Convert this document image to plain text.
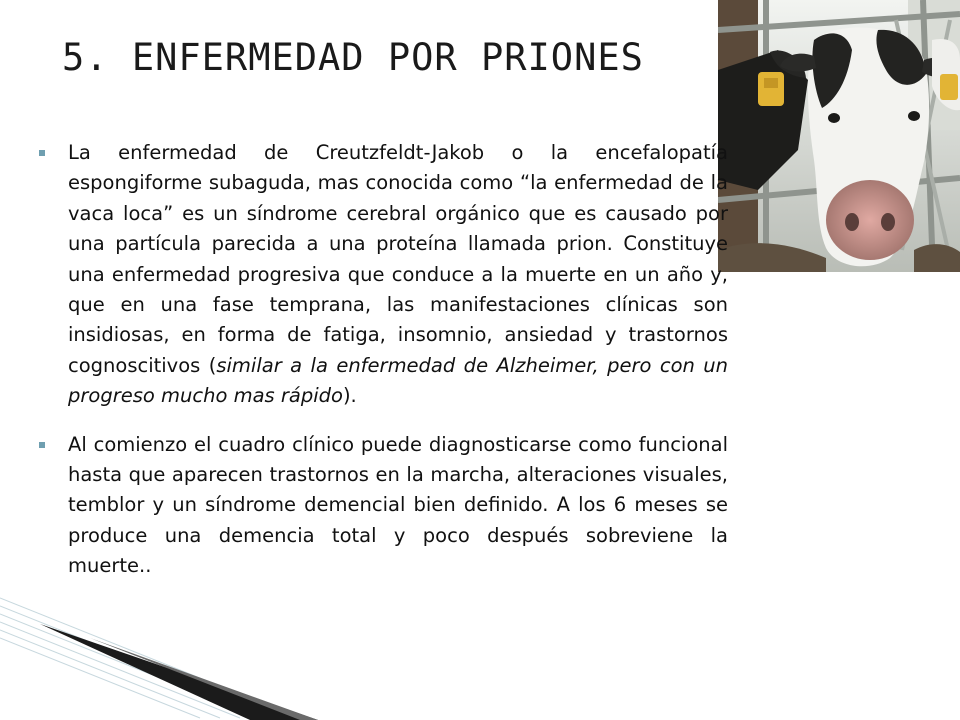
5. ENFERMEDAD POR PRIONES
La enfermedad de Creutzfeldt-Jakob o la encefalopatía espongiforme subaguda, mas conocida como “la enfermedad de la vaca loca” es un síndrome cerebral orgánico que es causado por una partícula parecida a una proteína llamada prion. Constituye una enfermedad progresiva que conduce a la muerte en un año y, que en una fase temprana, las manifestaciones clínicas son insidiosas, en forma de fatiga, insomnio, ansiedad y trastornos cognoscitivos (similar a la enfermedad de Alzheimer, pero con un progreso mucho mas rápido).
Al comienzo el cuadro clínico puede diagnosticarse como funcional hasta que aparecen trastornos en la marcha, alteraciones visuales, temblor y un síndrome demencial bien definido. A los 6 meses se produce una demencia total y poco después sobreviene la muerte..
